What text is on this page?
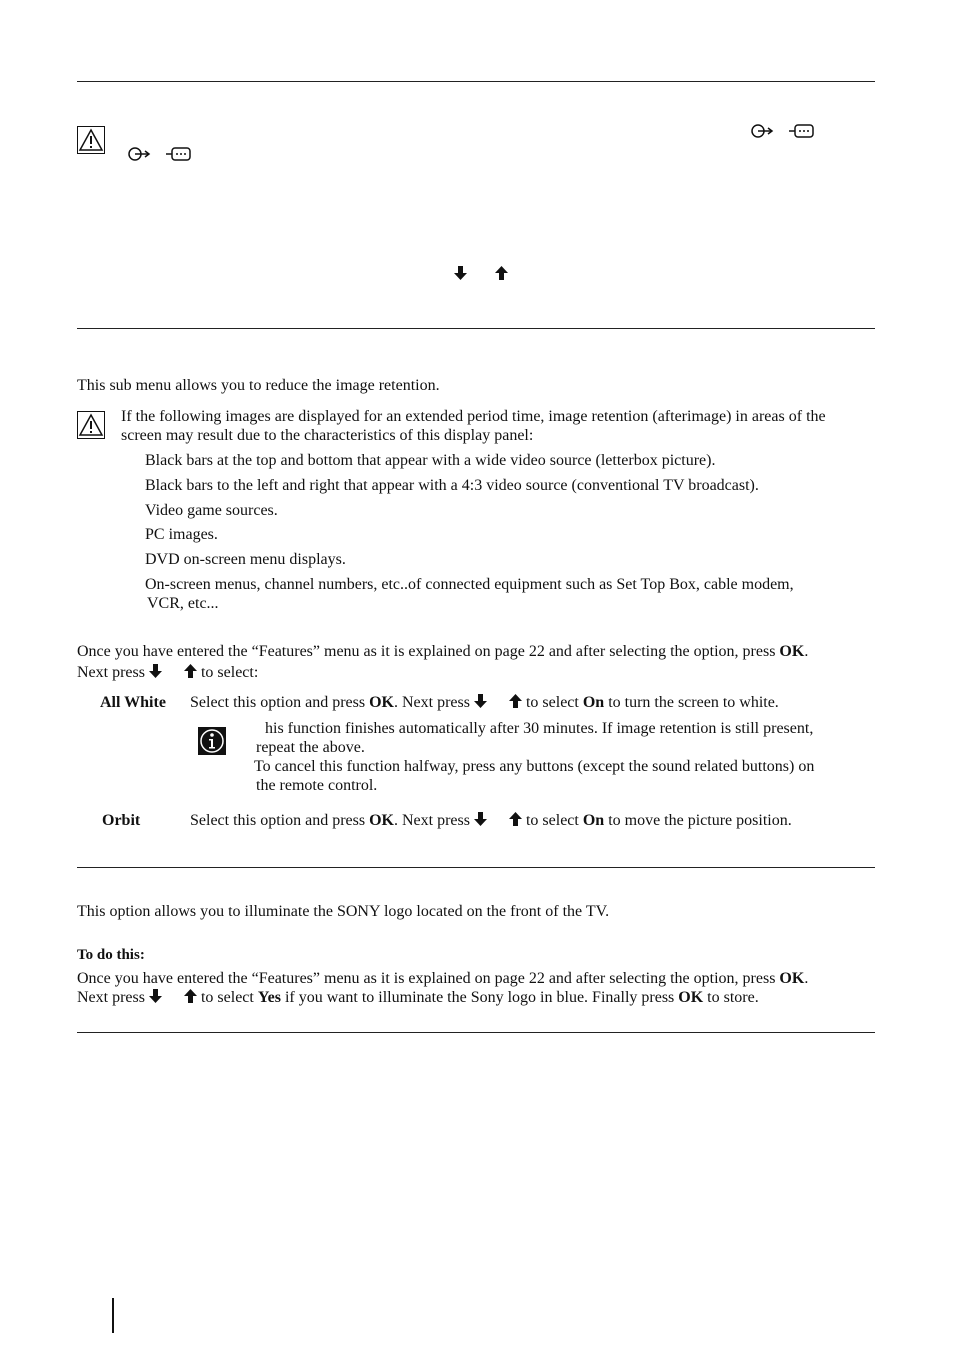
This sub menu allows you to reduce the image retention.
If the following images are displayed for an extended period time, image retention (afterimage) in areas of the
screen may result due to the characteristics of this display panel:
Black bars at the top and bottom that appear with a wide video source (letterbox picture).
Black bars to the left and right that appear with a 4:3 video source (conventional TV broadcast).
Video game sources.
PC images.
DVD on-screen menu displays.
On-screen menus, channel numbers, etc..of connected equipment such as Set Top Box, cable modem,
VCR, etc...
Once you have entered the “Features” menu as it is explained on page 22 and after selecting the option, press OK.
Next press	to select:
All White Select this option and press OK. Next press	to select On to turn the screen to white.
his function finishes automatically after 30 minutes. If image retention is still present,
repeat the above.
To cancel this function halfway, press any buttons (except the sound related buttons) on
the remote control.
Orbit	Select this option and press OK. Next press	to select On to move the picture position.
This option allows you to illuminate the SONY logo located on the front of the TV.
To do this:
Once you have entered the “Features” menu as it is explained on page 22 and after selecting the option, press OK.
Next press	to select Yes if you want to illuminate the Sony logo in blue. Finally press OK to store.
